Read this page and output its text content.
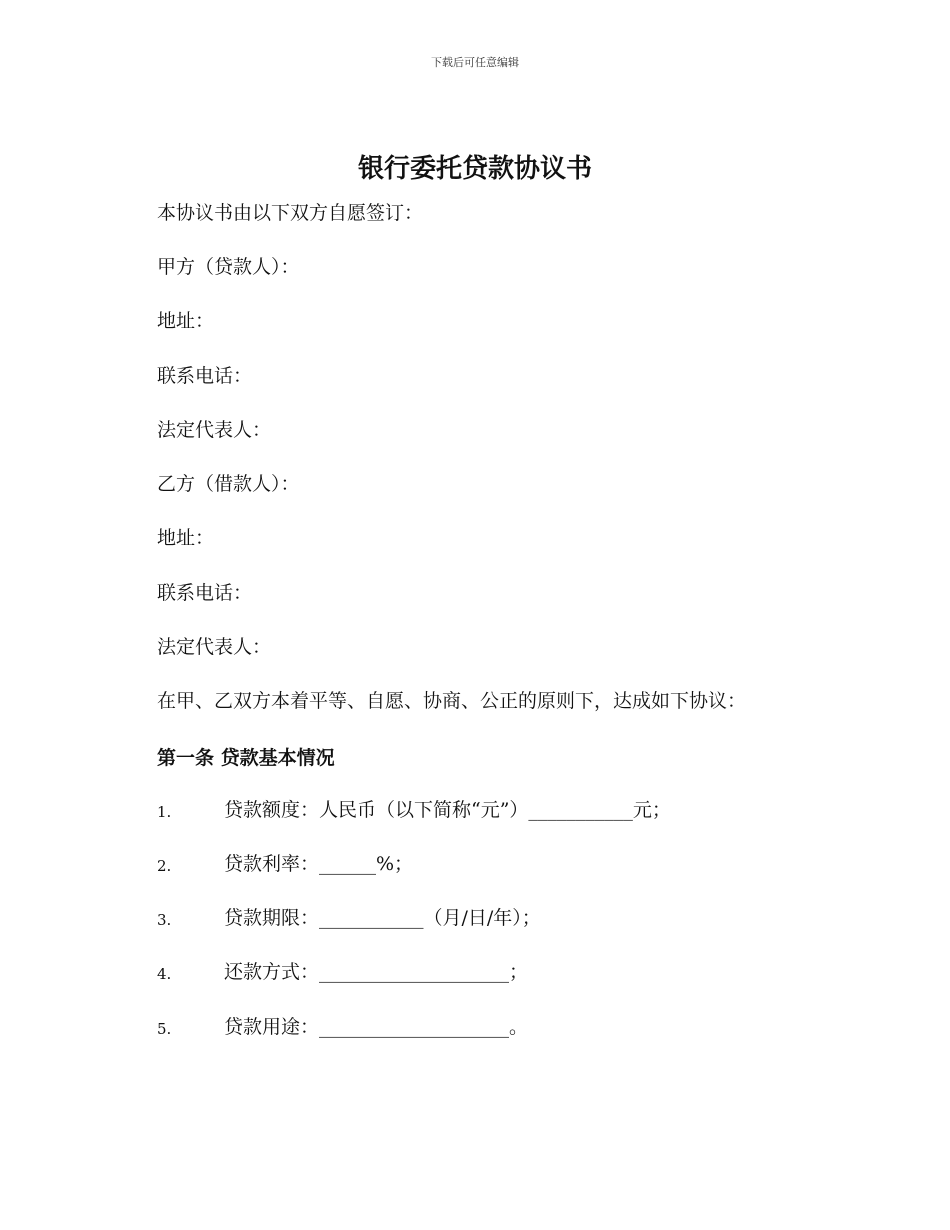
下载后可任意编辑
银行委托贷款协议书

本协议书由以下双方自愿签订：

甲方（贷款人）：

地址：

联系电话：

法定代表人：

乙方（借款人）：

地址：

联系电话：

法定代表人：

在甲、乙双方本着平等、自愿、协商、公正的原则下，达成如下协议：

第一条 贷款基本情况
1.	贷款额度：人民币（以下简称“元”）___________元；
2.	贷款利率：______%；
3.	贷款期限：___________（月/日/年）；
4.	还款方式：____________________；
5.	贷款用途：____________________。
